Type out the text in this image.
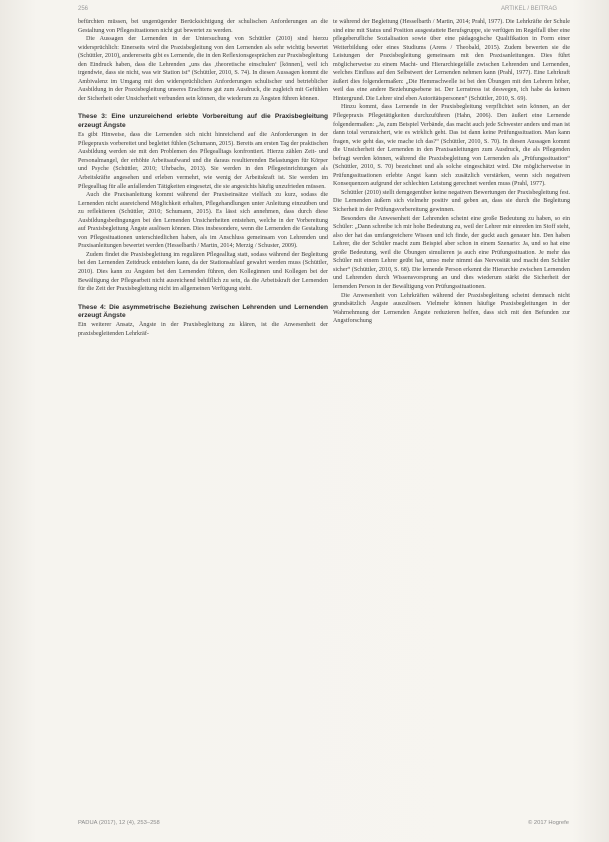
256	ARTIKEL / BEITRAG

befürchten müssen, bei ungenügender Berücksichtigung der schulischen Anforderungen an die Gestaltung von Pflegesituationen nicht gut bewertet zu werden.

Die Aussagen der Lernenden in der Untersuchung von Schüttler (2010) sind hierzu widersprüchlich: Einerseits wird die Praxisbegleitung von den Lernenden als sehr wichtig bewertet (Schüttler, 2010), andererseits gibt es Lernende, die in den Reflexionsgesprächen zur Praxisbegleitung den Eindruck haben, dass die Lehrenden „uns das ‚theoretische einschulen‘ [können], weil ich irgendwie, dass sie nicht, was wir Station ist“ (Schüttler, 2010, S. 74). In diesen Aussagen kommt die Ambivalenz im Umgang mit den widersprüchlichen Anforderungen schulischer und betrieblicher Ausbildung in der Praxisbegleitung unseres Erachtens gut zum Ausdruck, die zugleich mit Gefühlen der Sicherheit oder Unsicherheit verbunden sein können, die wiederum zu Ängsten führen können.

These 3: Eine unzureichend erlebte Vorbereitung auf die Praxisbegleitung erzeugt Ängste

Es gibt Hinweise, dass die Lernenden sich nicht hinreichend auf die Anforderungen in der Pflegepraxis vorbereitet und begleitet fühlen (Schumann, 2015). Bereits am ersten Tag der praktischen Ausbildung werden sie mit den Problemen des Pflegealltags konfrontiert. Hierzu zählen Zeit- und Personalmangel, der erhöhte Arbeitsaufwand und die daraus resultierenden Belastungen für Körper und Psyche (Schüttler, 2010; Uhrbachs, 2013). Sie werden in den Pflegeeinrichtungen als Arbeitskräfte angesehen und erleben vermehrt, wie wenig der Arbeitskraft ist. Sie werden im Pflegealltag für alle anfallenden Tätigkeiten eingesetzt, die sie angesichts häufig unzufrieden müssen.

Auch die Praxisanleitung kommt während der Praxiseinsätze vielfach zu kurz, sodass die Lernenden nicht ausreichend Möglichkeit erhalten, Pflegehandlungen unter Anleitung einzuüben und zu reflektieren (Schüttler, 2010; Schumann, 2015). Es lässt sich annehmen, dass durch diese Ausbildungsbedingungen bei den Lernenden Unsicherheiten entstehen, welche in der Vorbereitung auf Praxisbegleitung Ängste auslösen können. Dies insbesondere, wenn die Lernenden die Gestaltung von Pflegesituationen unterschiedlichen haben, als im Anschluss gemeinsam von Lehrenden und Praxisanleitungen bewertet werden (Hesselbarth / Martin, 2014; Merzig / Schuster, 2009).

Zudem findet die Praxisbegleitung im regulären Pflegealltag statt, sodass während der Begleitung bei den Lernenden Zeitdruck entstehen kann, da der Stationsablauf gewahrt werden muss (Schüttler, 2010). Dies kann zu Ängsten bei den Lernenden führen, den Kolleginnen und Kollegen bei der Bewältigung der Pflegearbeit nicht ausreichend behilflich zu sein, da die Arbeitskraft der Lernenden für die Zeit der Praxisbegleitung nicht im allgemeinen Verfügung steht.

These 4: Die asymmetrische Beziehung zwischen Lehrenden und Lernenden erzeugt Ängste

Ein weiterer Ansatz, Ängste in der Praxisbegleitung zu klären, ist die Anwesenheit der praxisbegleitenden Lehrkräf-

te während der Begleitung (Hesselbarth / Martin, 2014; Prahl, 1977). Die Lehrkräfte der Schule sind eine mit Status und Position ausgestattete Berufsgruppe, sie verfügen im Regelfall über eine pflegeberufliche Sozialisation sowie über eine pädagogische Qualifikation in Form einer Weiterbildung oder eines Studiums (Arens / Theobald, 2015). Zudem bewerten sie die Leistungen der Praxisbegleitung gemeinsam mit den Praxisanleitungen. Dies führt möglicherweise zu einem Macht- und Hierarchiegefälle zwischen Lehrenden und Lernenden, welches Einfluss auf den Selbstwert der Lernenden nehmen kann (Prahl, 1977). Eine Lehrkraft äußert dies folgendermaßen: „Die Hemmschwelle ist bei den Übungen mit den Lehrern höher, weil das eine andere Beziehungsebene ist. Der Lernstress ist deswegen, ich habe da keinen Hintergrund. Die Lehrer sind eben Autoritätspersonen“ (Schüttler, 2010, S. 69).

Hinzu kommt, dass Lernende in der Praxisbegleitung verpflichtet sein können, an der Pflegepraxis Pflegetätigkeiten durchzuführen (Hahn, 2006). Den äußert eine Lernende folgendermaßen: „Ja, zum Beispiel Verbände, das macht auch jede Schwester anders und man ist dann total verunsichert, wie es wirklich geht. Das ist dann keine Prüfungssituation. Man kann fragen, wie geht das, wie mache ich das?“ (Schüttler, 2010, S. 70). In diesen Aussagen kommt die Unsicherheit der Lernenden in den Praxisanleitungen zum Ausdruck, die als Pflegenden befragt werden können, während die Praxisbegleitung von Lernenden als „Prüfungssituation“ (Schüttler, 2010, S. 70) bezeichnet und als solche eingeschätzt wird. Die möglicherweise in Prüfungssituationen erlebte Angst kann sich zusätzlich verstärken, wenn sich negativen Konsequenzen aufgrund der schlechten Leistung gerechnet werden muss (Prahl, 1977).

Schüttler (2010) stellt demgegenüber keine negativen Bewertungen der Praxisbegleitung fest. Die Lernenden äußern sich vielmehr positiv und geben an, dass sie durch die Begleitung Sicherheit in der Prüfungsvorbereitung gewinnen.

Besonders die Anwesenheit der Lehrenden scheint eine große Bedeutung zu haben, so ein Schüler: „Dann schreibe ich mir hohe Bedeutung zu, weil der Lehrer mir einreden im Stoff steht, also der hat das umfangreichere Wissen und ich finde, der guckt auch genauer hin. Den haben Lehrer, die der Schüler macht zum Beispiel aber schon in einem Szenario: Ja, und so hat eine große Bedeutung, weil die Übungen simulieren ja auch eine Prüfungssituation. Je mehr das Schüler mit einem Lehrer geübt hat, umso mehr nimmt das Nervosität und macht den Schüler sicher“ (Schüttler, 2010, S. 68). Die lernende Person erkennt die Hierarchie zwischen Lernenden und Lehrenden durch Wissensvorsprung an und dies wiederum stärkt die Sicherheit der lernenden Person in der Bewältigung von Prüfungssituationen.

Die Anwesenheit von Lehrkräften während der Praxisbegleitung scheint demnach nicht grundsätzlich Ängste auszulösen. Vielmehr können häufige Praxisbegleitungen in der Wahrnehmung der Lernenden Ängste reduzieren helfen, dass sich mit den Befunden zur Angstforschung

PADUA (2017), 12 (4), 253–258	© 2017 Hogrefe
